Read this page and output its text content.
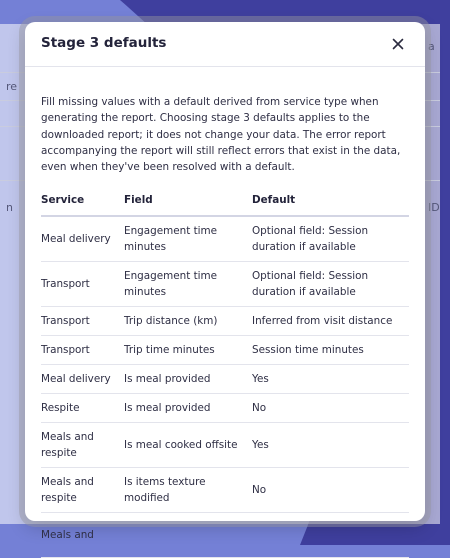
a
re
n	ID
Stage 3 defaults

Fill missing values with a default derived from service type when generating the report. Choosing stage 3 defaults applies to the downloaded report; it does not change your data. The error report accompanying the report will still reflect errors that exist in the data, even when they've been resolved with a default.

Service	Field	Default
Meal delivery	Engagement time minutes	Optional field: Session duration if available
Transport	Engagement time minutes	Optional field: Session duration if available
Transport	Trip distance (km)	Inferred from visit distance
Transport	Trip time minutes	Session time minutes
Meal delivery	Is meal provided	Yes
Respite	Is meal provided	No
Meals and respite	Is meal cooked offsite	Yes
Meals and respite	Is items texture modified	No
Meals and		
